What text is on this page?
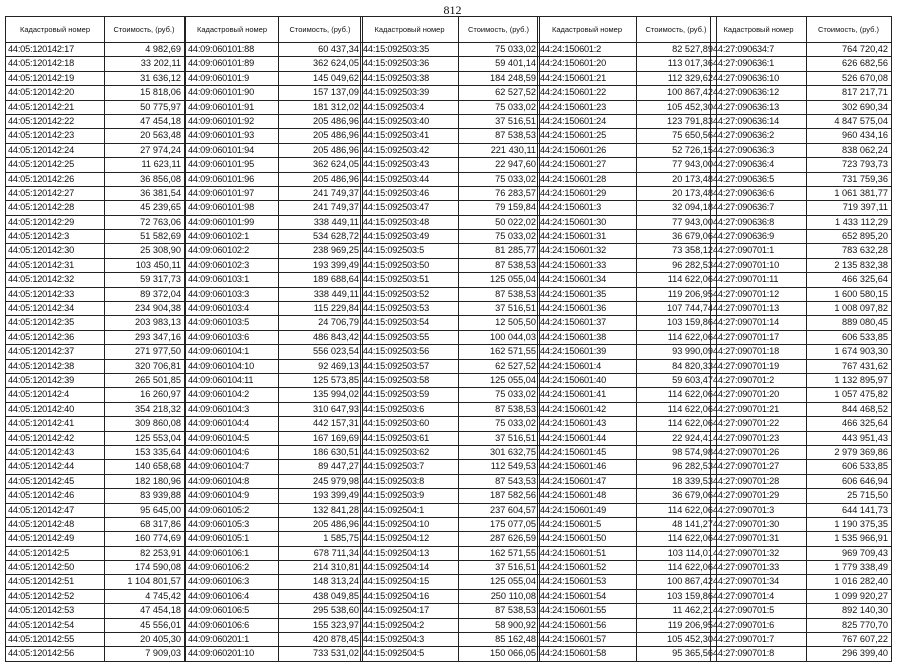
812
Кадастровый номер	Стоимость, (руб.)
44:05:120142:17	4 982,69
44:05:120142:18	33 202,11
44:05:120142:19	31 636,12
44:05:120142:20	15 818,06
44:05:120142:21	50 775,97
44:05:120142:22	47 454,18
44:05:120142:23	20 563,48
44:05:120142:24	27 974,24
44:05:120142:25	11 623,11
44:05:120142:26	36 856,08
44:05:120142:27	36 381,54
44:05:120142:28	45 239,65
44:05:120142:29	72 763,06
44:05:120142:3	51 582,69
44:05:120142:30	25 308,90
44:05:120142:31	103 450,11
44:05:120142:32	59 317,73
44:05:120142:33	89 372,04
44:05:120142:34	234 904,38
44:05:120142:35	203 983,13
44:05:120142:36	293 347,16
44:05:120142:37	271 977,50
44:05:120142:38	320 706,81
44:05:120142:39	265 501,85
44:05:120142:4	16 260,97
44:05:120142:40	354 218,32
44:05:120142:41	309 860,08
44:05:120142:42	125 553,04
44:05:120142:43	153 335,64
44:05:120142:44	140 658,68
44:05:120142:45	182 180,96
44:05:120142:46	83 939,88
44:05:120142:47	95 645,00
44:05:120142:48	68 317,86
44:05:120142:49	160 774,69
44:05:120142:5	82 253,91
44:05:120142:50	174 590,08
44:05:120142:51	1 104 801,57
44:05:120142:52	4 745,42
44:05:120142:53	47 454,18
44:05:120142:54	45 556,01
44:05:120142:55	20 405,30
44:05:120142:56	7 909,03
Кадастровый номер	Стоимость, (руб.)
44:09:060101:88	60 437,34
44:09:060101:89	362 624,05
44:09:060101:9	145 049,62
44:09:060101:90	157 137,09
44:09:060101:91	181 312,02
44:09:060101:92	205 486,96
44:09:060101:93	205 486,96
44:09:060101:94	205 486,96
44:09:060101:95	362 624,05
44:09:060101:96	205 486,96
44:09:060101:97	241 749,37
44:09:060101:98	241 749,37
44:09:060101:99	338 449,11
44:09:060102:1	534 628,72
44:09:060102:2	238 969,25
44:09:060102:3	193 399,49
44:09:060103:1	189 688,64
44:09:060103:3	338 449,11
44:09:060103:4	115 229,84
44:09:060103:5	24 706,79
44:09:060103:6	486 843,42
44:09:060104:1	556 023,54
44:09:060104:10	92 469,13
44:09:060104:11	125 573,85
44:09:060104:2	135 994,02
44:09:060104:3	310 647,93
44:09:060104:4	442 157,31
44:09:060104:5	167 169,69
44:09:060104:6	186 630,51
44:09:060104:7	89 447,27
44:09:060104:8	245 979,98
44:09:060104:9	193 399,49
44:09:060105:2	132 841,28
44:09:060105:3	205 486,96
44:09:060105:1	1 585,75
44:09:060106:1	678 711,34
44:09:060106:2	214 310,81
44:09:060106:3	148 313,24
44:09:060106:4	438 049,85
44:09:060106:5	295 538,60
44:09:060106:6	155 323,97
44:09:060201:1	420 878,45
44:09:060201:10	733 531,02
Кадастровый номер	Стоимость, (руб.)
44:15:092503:35	75 033,02
44:15:092503:36	59 401,14
44:15:092503:38	184 248,59
44:15:092503:39	62 527,52
44:15:092503:4	75 033,02
44:15:092503:40	37 516,51
44:15:092503:41	87 538,53
44:15:092503:42	221 430,11
44:15:092503:43	22 947,60
44:15:092503:44	75 033,02
44:15:092503:46	76 283,57
44:15:092503:47	79 159,84
44:15:092503:48	50 022,02
44:15:092503:49	75 033,02
44:15:092503:5	81 285,77
44:15:092503:50	87 538,53
44:15:092503:51	125 055,04
44:15:092503:52	87 538,53
44:15:092503:53	37 516,51
44:15:092503:54	12 505,50
44:15:092503:55	100 044,03
44:15:092503:56	162 571,55
44:15:092503:57	62 527,52
44:15:092503:58	125 055,04
44:15:092503:59	75 033,02
44:15:092503:6	87 538,53
44:15:092503:60	75 033,02
44:15:092503:61	37 516,51
44:15:092503:62	301 632,75
44:15:092503:7	112 549,53
44:15:092503:8	87 543,53
44:15:092503:9	187 582,56
44:15:092504:1	237 604,57
44:15:092504:10	175 077,05
44:15:092504:12	287 626,59
44:15:092504:13	162 571,55
44:15:092504:14	37 516,51
44:15:092504:15	125 055,04
44:15:092504:16	250 110,08
44:15:092504:17	87 538,53
44:15:092504:2	58 900,92
44:15:092504:3	85 162,48
44:15:092504:5	150 066,05
Кадастровый номер	Стоимость, (руб.)
44:24:150601:2	82 527,89
44:24:150601:20	113 017,36
44:24:150601:21	112 329,62
44:24:150601:22	100 867,42
44:24:150601:23	105 452,30
44:24:150601:24	123 791,83
44:24:150601:25	75 650,56
44:24:150601:26	52 726,15
44:24:150601:27	77 943,00
44:24:150601:28	20 173,48
44:24:150601:29	20 173,48
44:24:150601:3	32 094,18
44:24:150601:30	77 943,00
44:24:150601:31	36 679,06
44:24:150601:32	73 358,12
44:24:150601:33	96 282,53
44:24:150601:34	114 622,06
44:24:150601:35	119 206,95
44:24:150601:36	107 744,74
44:24:150601:37	103 159,86
44:24:150601:38	114 622,06
44:24:150601:39	93 990,09
44:24:150601:4	84 820,33
44:24:150601:40	59 603,47
44:24:150601:41	114 622,06
44:24:150601:42	114 622,06
44:24:150601:43	114 622,06
44:24:150601:44	22 924,41
44:24:150601:45	98 574,98
44:24:150601:46	96 282,53
44:24:150601:47	18 339,53
44:24:150601:48	36 679,06
44:24:150601:49	114 622,06
44:24:150601:5	48 141,27
44:24:150601:50	114 622,06
44:24:150601:51	103 114,01
44:24:150601:52	114 622,06
44:24:150601:53	100 867,42
44:24:150601:54	103 159,86
44:24:150601:55	11 462,21
44:24:150601:56	119 206,95
44:24:150601:57	105 452,30
44:24:150601:58	95 365,56
Кадастровый номер	Стоимость, (руб.)
44:27:090634:7	764 720,42
44:27:090636:1	626 682,56
44:27:090636:10	526 670,08
44:27:090636:12	817 217,71
44:27:090636:13	302 690,34
44:27:090636:14	4 847 575,04
44:27:090636:2	960 434,16
44:27:090636:3	838 062,24
44:27:090636:4	723 793,73
44:27:090636:5	731 759,36
44:27:090636:6	1 061 381,77
44:27:090636:7	719 397,11
44:27:090636:8	1 433 112,29
44:27:090636:9	652 895,20
44:27:090701:1	783 632,28
44:27:090701:10	2 135 832,38
44:27:090701:11	466 325,64
44:27:090701:12	1 600 580,15
44:27:090701:13	1 008 097,82
44:27:090701:14	889 080,45
44:27:090701:17	606 533,85
44:27:090701:18	1 674 903,30
44:27:090701:19	767 431,62
44:27:090701:2	1 132 895,97
44:27:090701:20	1 057 475,82
44:27:090701:21	844 468,52
44:27:090701:22	466 325,64
44:27:090701:23	443 951,43
44:27:090701:26	2 979 369,86
44:27:090701:27	606 533,85
44:27:090701:28	606 646,94
44:27:090701:29	25 715,50
44:27:090701:3	644 141,73
44:27:090701:30	1 190 375,35
44:27:090701:31	1 535 966,91
44:27:090701:32	969 709,43
44:27:090701:33	1 779 338,49
44:27:090701:34	1 016 282,40
44:27:090701:4	1 099 920,27
44:27:090701:5	892 140,30
44:27:090701:6	825 770,70
44:27:090701:7	767 607,22
44:27:090701:8	296 399,40
